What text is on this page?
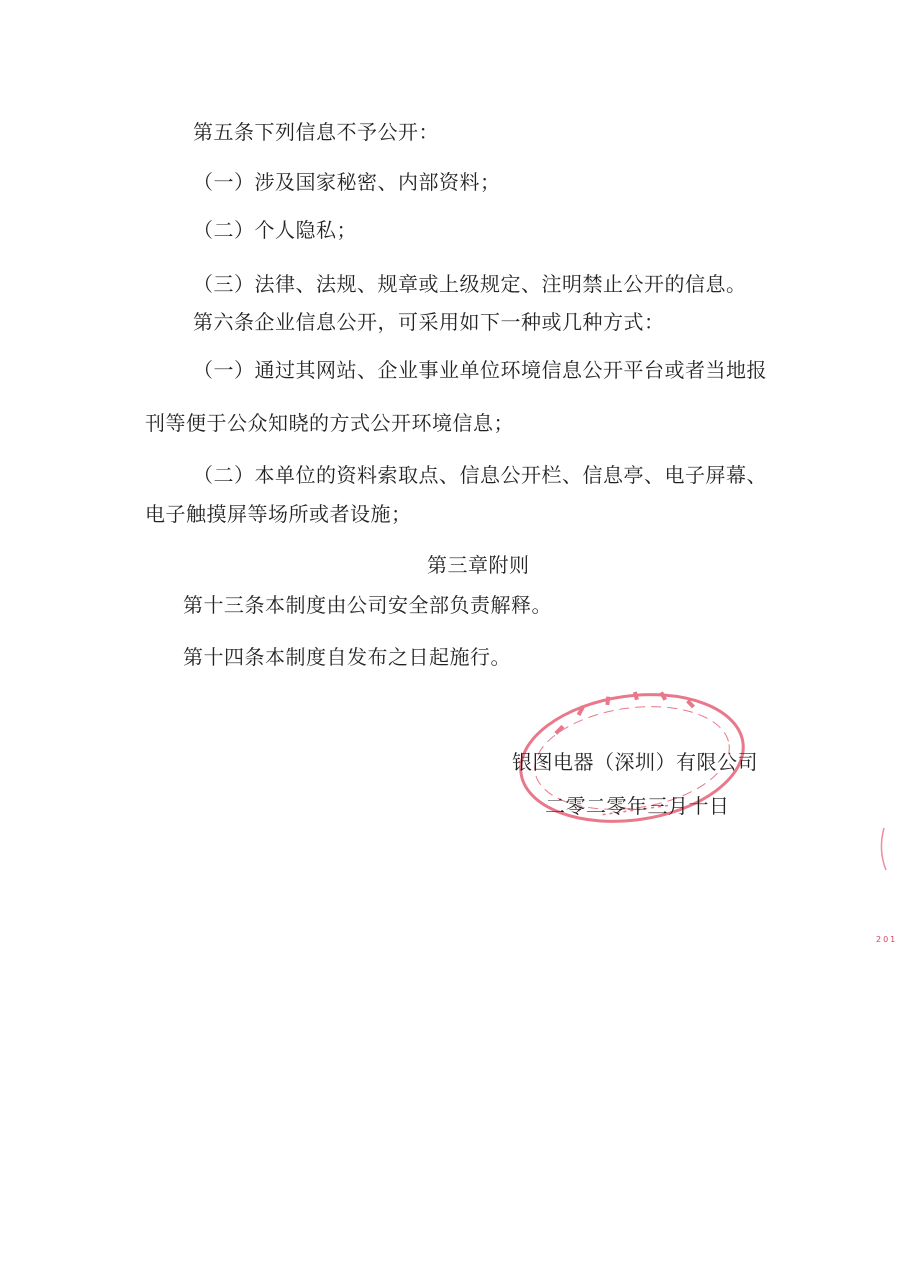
第五条下列信息不予公开：
（一）涉及国家秘密、内部资料；
（二）个人隐私；
（三）法律、法规、规章或上级规定、注明禁止公开的信息。
第六条企业信息公开，可采用如下一种或几种方式：
（一）通过其网站、企业事业单位环境信息公开平台或者当地报
刊等便于公众知晓的方式公开环境信息；
（二）本单位的资料索取点、信息公开栏、信息亭、电子屏幕、
电子触摸屏等场所或者设施；
第三章附则
第十三条本制度由公司安全部负责解释。
第十四条本制度自发布之日起施行。
银图电器（深圳）有限公司
二零二零年三月十日
201
